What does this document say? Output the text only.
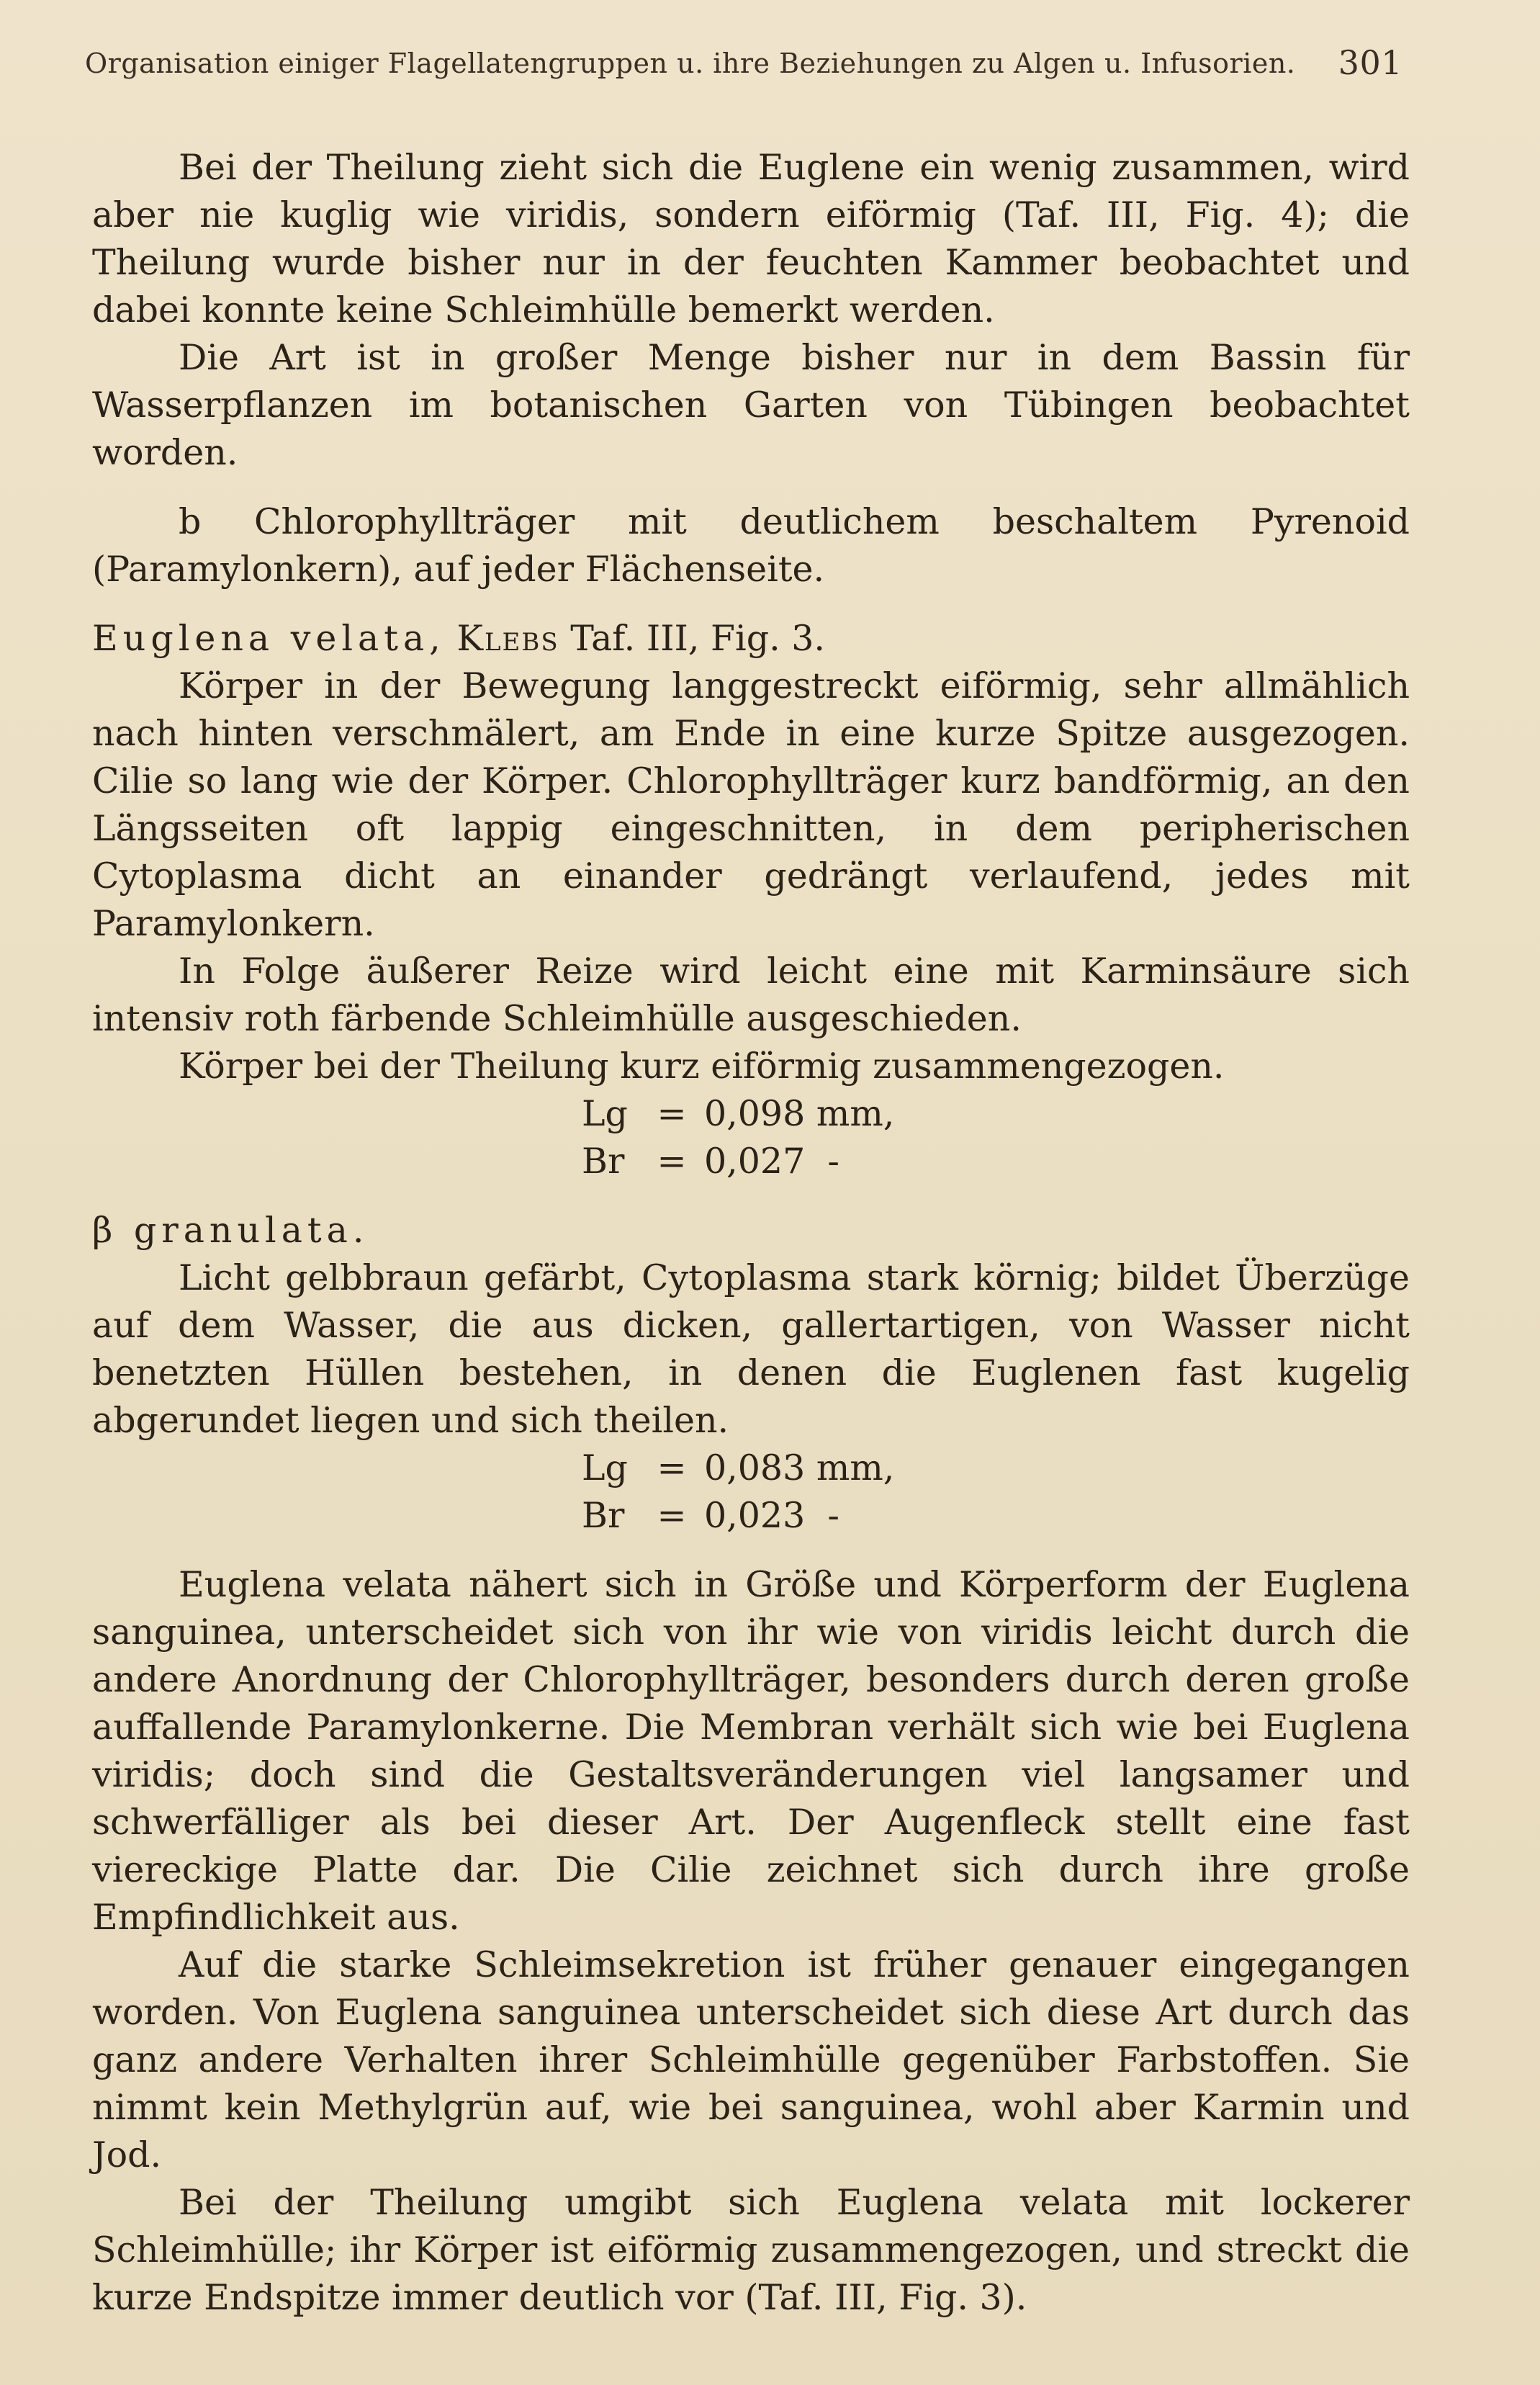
Organisation einiger Flagellatengruppen u. ihre Beziehungen zu Algen u. Infusorien. 301

Bei der Theilung zieht sich die Euglene ein wenig zusammen, wird aber nie kuglig wie viridis, sondern eiförmig (Taf. III, Fig. 4); die Theilung wurde bisher nur in der feuchten Kammer beobachtet und dabei konnte keine Schleimhülle bemerkt werden.

Die Art ist in großer Menge bisher nur in dem Bassin für Wasserpflanzen im botanischen Garten von Tübingen beobachtet worden.

b Chlorophyllträger mit deutlichem beschaltem Pyrenoid (Paramylonkern), auf jeder Flächenseite.

Euglena velata, Klebs Taf. III, Fig. 3.

Körper in der Bewegung langgestreckt eiförmig, sehr allmählich nach hinten verschmälert, am Ende in eine kurze Spitze ausgezogen. Cilie so lang wie der Körper. Chlorophyllträger kurz bandförmig, an den Längsseiten oft lappig eingeschnitten, in dem peripherischen Cytoplasma dicht an einander gedrängt verlaufend, jedes mit Paramylonkern.

In Folge äußerer Reize wird leicht eine mit Karminsäure sich intensiv roth färbende Schleimhülle ausgeschieden.

Körper bei der Theilung kurz eiförmig zusammengezogen.

Lg = 0,098 mm,

Br = 0,027  -

β granulata.

Licht gelbbraun gefärbt, Cytoplasma stark körnig; bildet Überzüge auf dem Wasser, die aus dicken, gallertartigen, von Wasser nicht benetzten Hüllen bestehen, in denen die Euglenen fast kugelig abgerundet liegen und sich theilen.

Lg = 0,083 mm,

Br = 0,023  -

Euglena velata nähert sich in Größe und Körperform der Euglena sanguinea, unterscheidet sich von ihr wie von viridis leicht durch die andere Anordnung der Chlorophyllträger, besonders durch deren große auffallende Paramylonkerne. Die Membran verhält sich wie bei Euglena viridis; doch sind die Gestaltsveränderungen viel langsamer und schwerfälliger als bei dieser Art. Der Augenfleck stellt eine fast viereckige Platte dar. Die Cilie zeichnet sich durch ihre große Empfindlichkeit aus.

Auf die starke Schleimsekretion ist früher genauer eingegangen worden. Von Euglena sanguinea unterscheidet sich diese Art durch das ganz andere Verhalten ihrer Schleimhülle gegenüber Farbstoffen. Sie nimmt kein Methylgrün auf, wie bei sanguinea, wohl aber Karmin und Jod.

Bei der Theilung umgibt sich Euglena velata mit lockerer Schleimhülle; ihr Körper ist eiförmig zusammengezogen, und streckt die kurze Endspitze immer deutlich vor (Taf. III, Fig. 3).
